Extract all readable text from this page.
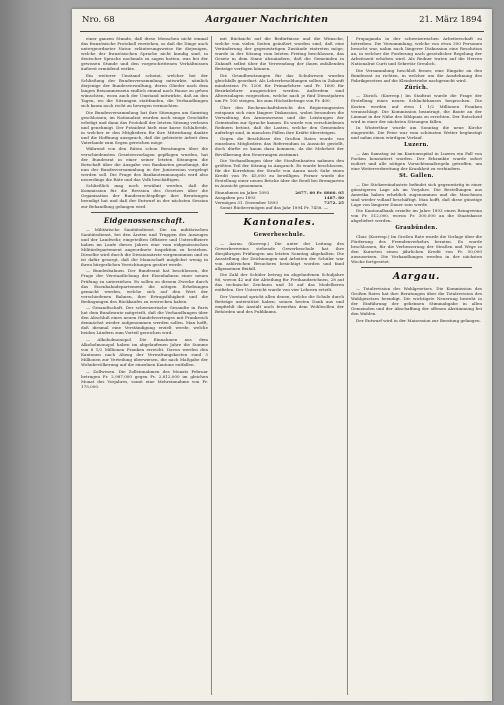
Nro. 68	Aargauer Nachrichten	21. März 1894

einer ganzen Stunde, daß diese Menschen nicht einmal das französische Protokoll verstehen, so daß die Dinge auch untergeordneter Natur, erläuterungsweise für diejenigen, welche der französischen Sprache nicht kundig sind, in deutscher Sprache nochmals zu sagen hatten, was bei der gewissen Stunde und den vorgeschrittenen Verhältnissen äußerst ermüdend wirkte.

Ein weiterer Umstand scheint, welcher bei der Schließung der Bundesversammlung mitwirkte, nämlich derjenige der Bundesverwaltung, deren Glieder nach dem langen Beisammensein endlich einmal nach Hause zu gehen wünschten, wozu auch der Umstand mitwirkte, daß an den Tagen, wo die Sitzungen stattfanden, die Verhandlungen sich kaum noch recht zu bewegen vermochten.

Die Bundesversammlung hat ihre Sitzungen am Samstag geschlossen; im Nationalrat wurden noch einige Geschäfte erledigt und dann das Protokoll der letzten Sitzung verlesen und genehmigt. Der Präsident hielt eine kurze Schlußrede, in welcher er den Mitgliedern für ihre Mitwirkung dankte und die Hoffnung aussprach, daß die geleistete Arbeit dem Vaterlande zum Segen gereichen möge.

Während von den Räten schon Beratungen über die verschiedensten Gesetzesvorlagen gepflogen wurden, hat der Bundesrat in einer seiner letzten Sitzungen die Botschaft über die Ausgabe von Banknoten genehmigt, die nun der Bundesversammlung in der Junisession vorgelegt werden soll. Die Frage des Banknotenmonopols wird also neuerdings die Räte und das Volk beschäftigen.

Schließlich mag noch erwähnt werden, daß die Kommission für die Revision des Gesetzes über die Organisation der Bundesrechtspflege ihre Beratungen beendigt hat und daß der Entwurf in der nächsten Session zur Behandlung gelangen wird.

Eidgenossenschaft.

— Militärische Sanitätsdienst. Die im militärischen Sanitätsdienst, bei den Ärzten und Truppen des Auszuges und der Landwehr, eingeteilten Offiziere und Unteroffiziere haben im Laufe dieses Jahres eine vom eidgenössischen Militärdepartement angeordnete Inspektion zu bestehen. Dieselbe wird durch die Divisionsärzte vorgenommen und es ist dafür gesorgt, daß die Mannschaft möglichst wenig in ihren bürgerlichen Verrichtungen gestört werde.

— Bundesbahnen. Der Bundesrat hat beschlossen, die Frage der Verstaatlichung der Eisenbahnen einer neuen Prüfung zu unterziehen. Es sollen zu diesem Zwecke durch das Eisenbahndepartement die nötigen Erhebungen gemacht werden, welche sich auf den Wert der verschiedenen Bahnen, ihre Ertragsfähigkeit und die Bedingungen des Rückkaufes zu erstrecken haben.

— Gesandtschaft. Der schweizerische Gesandte in Paris hat dem Bundesrate mitgeteilt, daß die Verhandlungen über den Abschluß eines neuen Handelsvertrages mit Frankreich demnächst wieder aufgenommen werden sollen. Man hofft, daß diesmal eine Verständigung erzielt werde, welche beiden Ländern zum Vorteil gereichen wird.

— Alkoholmonopol. Die Einnahmen aus dem Alkoholmonopol haben im abgelaufenen Jahre die Summe von 6 1/2 Millionen Franken erreicht. Davon werden den Kantonen nach Abzug der Verwaltungskosten rund 5 Millionen zur Verteilung überwiesen, die nach Maßgabe der Wohnbevölkerung auf die einzelnen Kantone entfallen.

— Zollwesen. Die Zolleinnahmen des Monats Februar betrugen Fr. 2,987,000 gegen Fr. 2,812,000 im gleichen Monat des Vorjahres, somit eine Mehreinnahme von Fr. 175,000.

mit Rücksicht auf die Bedürfnisse und die Wünsche, welche von vielen Seiten geäußert worden sind, daß eine Veränderung der gegenwärtigen Zustände eintreten möge, wurde in der Sitzung vom letzten Freitag beschlossen, das Gesetz in dem Sinne abzuändern, daß die Gemeinden in Zukunft selbst über die Verwendung der ihnen zufallenden Beiträge verfügen können.

Die Grundbesitzungen für das Schulwesen wurden gleichfalls geordnet. Als Lehrerbesoldungen sollen in Zukunft mindestens Fr. 1200 für Primarlehrer und Fr. 1600 für Bezirkslehrer ausgerichtet werden. Außerdem sind Alterszulagen vorgesehen, welche nach je fünf Dienstjahren um Fr. 100 steigen, bis zum Höchstbetrage von Fr. 400.

Über den Rechenschaftsbericht des Regierungsrates entspann sich eine längere Diskussion, wobei besonders die Verwaltung des Armenwesens und die Leistungen der Gemeinden zur Sprache kamen. Es wurde von verschiedenen Rednern betont, daß die Lasten, welche den Gemeinden auferlegt sind, in manchen Fällen ihre Kräfte übersteigen.

Gegen die Beschlüsse des Großen Rates wurde von einzelnen Mitgliedern das Referendum in Aussicht gestellt, doch dürfte es kaum dazu kommen, da die Mehrheit der Bevölkerung den Neuerungen zustimmt.

Die Verhandlungen über die Straßenbauten nahmen den größten Teil der Sitzung in Anspruch. Es wurde beschlossen, für die Korrektion der Straße von Aarau nach Suhr einen Kredit von Fr. 45,000 zu bewilligen. Ferner wurde die Erstellung einer neuen Brücke über die Reuß bei Bremgarten in Aussicht genommen.

Einnahmen im Jahre 1893	2677. 60 Fr. 8860. 05
Ausgaben pro 1893	1487. 80
Vermögen 31. Dezember 1893	7372. 25

Somit Rückvermögen auf das Jahr 1894 Fr. 7458. —

Kantonales.
Gewerbeschule.

— Aarau. (Korresp.) Die unter der Leitung des Gewerbevereins stehende Gewerbeschule hat ihre diesjährigen Prüfungen am letzten Sonntag abgehalten. Die Ausstellung der Zeichnungen und Arbeiten der Schüler war von zahlreichen Besuchern besichtigt worden und fand allgemeinen Beifall.

Die Zahl der Schüler betrug im abgelaufenen Schuljahre 86, wovon 42 auf die Abteilung für Freihandzeichnen, 28 auf das technische Zeichnen und 16 auf das Modellieren entfielen. Der Unterricht wurde von vier Lehrern erteilt.

Der Vorstand spricht allen denen, welche die Schule durch Beiträge unterstützt haben, seinen besten Dank aus und empfiehlt die Anstalt auch fernerhin dem Wohlwollen der Behörden und des Publikums.

Propaganda in der schweizerischen Arbeiterschaft zu betreiben. Die Versammlung, welche von etwa 300 Personen besucht war, nahm nach längerer Diskussion eine Resolution an, in welcher die Forderung nach gesetzlicher Regelung der Arbeitszeit erhoben wird. Als Redner traten auf die Herren Nationalrat Curti und Sekretär Greulich.

Die Versammlung beschloß ferner, eine Eingabe an den Bundesrat zu richten, in welcher um die Ausdehnung des Fabrikgesetzes auf die Kleinbetriebe nachgesucht wird.

Zürich.

— Zürich. (Korresp.) Im Stadtrat wurde die Frage der Erstellung eines neuen Schlachthauses besprochen. Die Kosten werden auf etwa 1 1/2 Millionen Franken veranschlagt. Die Kommission beantragt, die Baute an der Limmat in der Nähe des Sihlquais zu errichten. Der Entscheid wird in einer der nächsten Sitzungen fallen.

In Winterthur wurde am Sonntag die neue Kirche eingeweiht. Die Feier war vom schönsten Wetter begünstigt und nahm einen würdigen Verlauf.

Luzern.

— Am Samstag ist im Kantonsspital in Luzern ein Fall von Pocken konstatiert worden. Der Erkrankte wurde sofort isoliert und alle nötigen Vorsichtsmaßregeln getroffen, um eine Weiterverbreitung der Krankheit zu verhindern.

St. Gallen.

— Die Stickereiindustrie befindet sich gegenwärtig in einer günstigeren Lage als im Vorjahre. Die Bestellungen aus Amerika haben erheblich zugenommen und die Maschinen sind wieder vollauf beschäftigt. Man hofft, daß diese günstige Lage von längerer Dauer sein werde.

Die Kantonalbank erzielte im Jahre 1893 einen Reingewinn von Fr. 512,000, wovon Fr. 300,000 an die Staatskasse abgeliefert werden.

Graubünden.

Chur. (Korresp.) Im Großen Rate wurde die Vorlage über die Förderung des Fremdenverkehrs beraten. Es wurde beschlossen, für die Verbesserung der Straßen und Wege in den Kurorten einen jährlichen Kredit von Fr. 50,000 auszusetzen. Die Verhandlungen werden in der nächsten Woche fortgesetzt.

Aargau.

— Totalrevision des Wahlgesetzes. Die Kommission des Großen Rates hat ihre Beratungen über die Totalrevision des Wahlgesetzes beendigt. Die wichtigste Neuerung besteht in der Einführung der geheimen Stimmabgabe in allen Gemeinden und der Abschaffung der offenen Abstimmung bei den Wahlen.

Der Entwurf wird in der Maisession zur Beratung gelangen.
